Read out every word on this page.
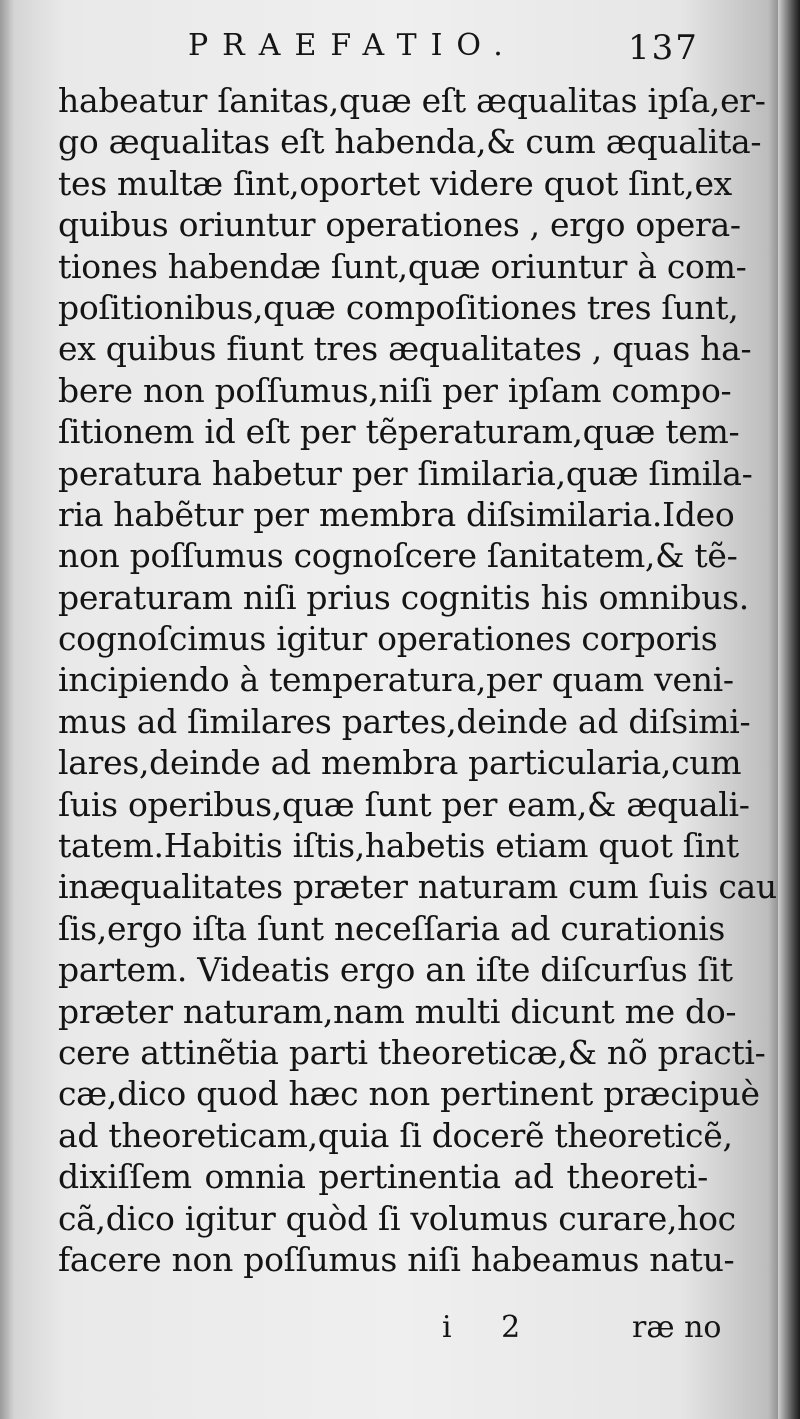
PRAEFATIO.	137
habeatur ſanitas,quæ eſt æqualitas ipſa,er-
go æqualitas eſt habenda,& cum æqualita-
tes multæ ſint,oportet videre quot ſint,ex
quibus oriuntur operationes , ergo opera-
tiones habendæ ſunt,quæ oriuntur à com-
poſitionibus,quæ compoſitiones tres ſunt,
ex quibus fiunt tres æqualitates , quas ha-
bere non poſſumus,niſi per ipſam compo-
ſitionem id eſt per tẽperaturam,quæ tem-
peratura habetur per ſimilaria,quæ ſimila-
ria habẽtur per membra diſsimilaria.Ideo
non poſſumus cognoſcere ſanitatem,& tẽ-
peraturam niſi prius cognitis his omnibus.
cognoſcimus igitur operationes corporis
incipiendo à temperatura,per quam veni-
mus ad ſimilares partes,deinde ad diſsimi-
lares,deinde ad membra particularia,cum
ſuis operibus,quæ ſunt per eam,& æquali-
tatem.Habitis iſtis,habetis etiam quot ſint
inæqualitates præter naturam cum ſuis cau
ſis,ergo iſta ſunt neceſſaria ad curationis
partem. Videatis ergo an iſte diſcurſus ſit
præter naturam,nam multi dicunt me do-
cere attinẽtia parti theoreticæ,& nõ practi-
cæ,dico quod hæc non pertinent præcipuè
ad theoreticam,quia ſi docerẽ theoreticẽ,
dixiſſem omnia pertinentia ad theoreti-
cã,dico igitur quòd ſi volumus curare,hoc
facere non poſſumus niſi habeamus natu-
i 2	ræ no
